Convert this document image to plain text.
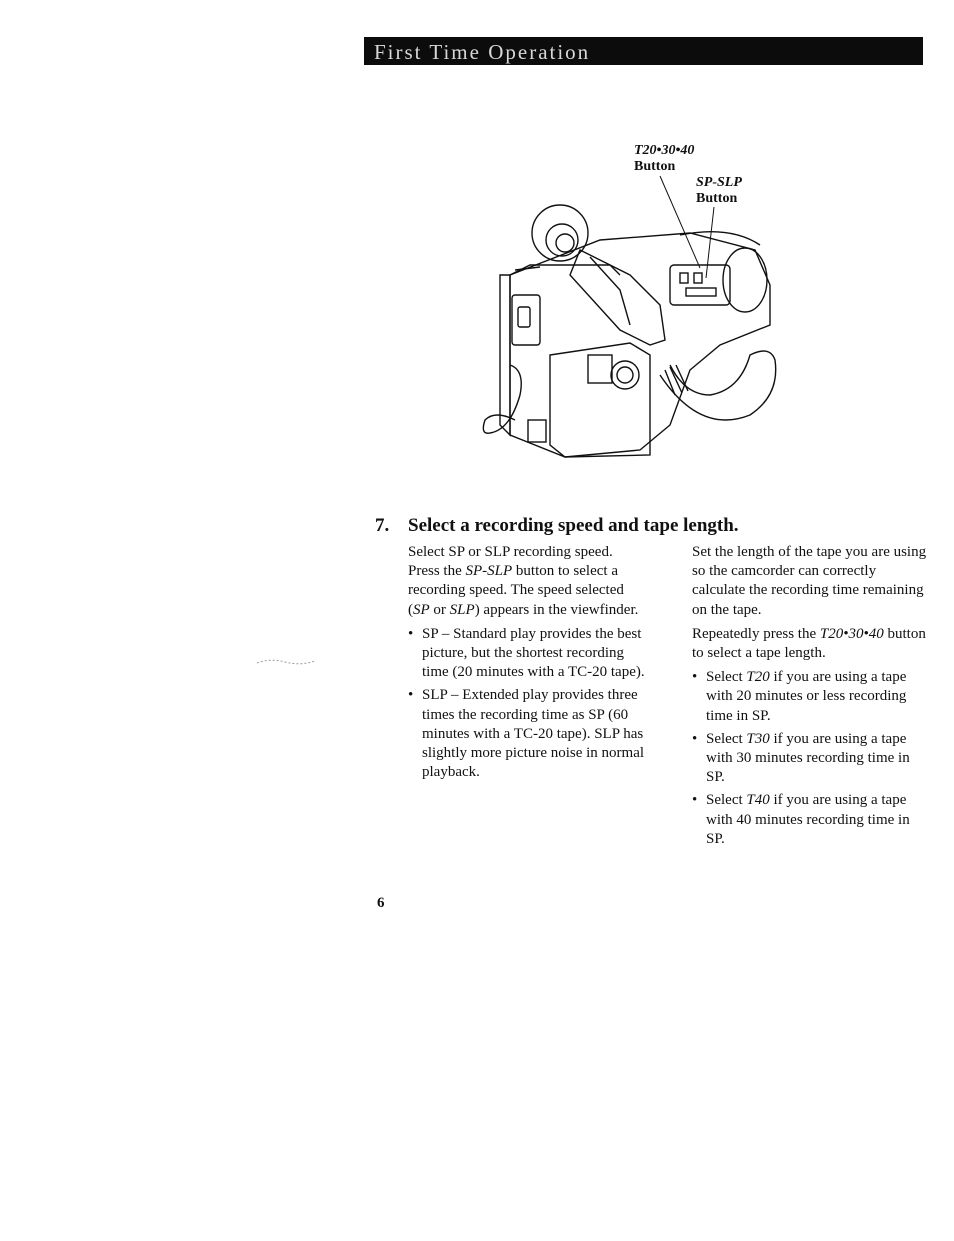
First Time Operation
T20•30•40
Button
SP-SLP
Button
7. Select a recording speed and tape length.

Select SP or SLP recording speed. Press the SP-SLP button to select a recording speed. The speed selected (SP or SLP) appears in the viewfinder.

• SP – Standard play provides the best picture, but the shortest recording time (20 minutes with a TC-20 tape).
• SLP – Extended play provides three times the recording time as SP (60 minutes with a TC-20 tape). SLP has slightly more picture noise in normal playback.

Set the length of the tape you are using so the camcorder can correctly calculate the recording time remaining on the tape.

Repeatedly press the T20•30•40 button to select a tape length.

• Select T20 if you are using a tape with 20 minutes or less recording time in SP.
• Select T30 if you are using a tape with 30 minutes recording time in SP.
• Select T40 if you are using a tape with 40 minutes recording time in SP.
6
